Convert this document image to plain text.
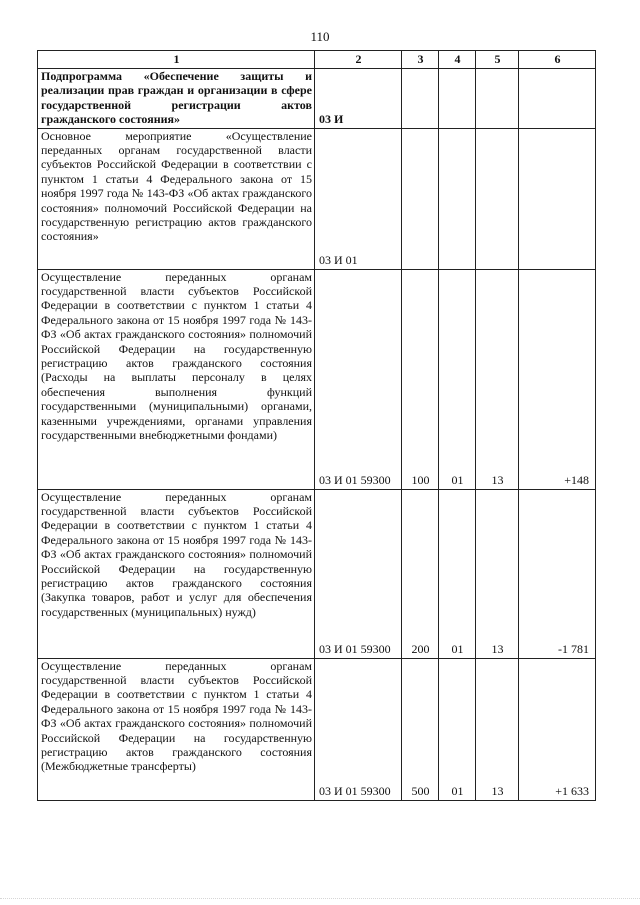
110
1	2	3	4	5	6
Подпрограмма «Обеспечение защиты и реализации прав граждан и организации в сфере государственной регистрации актов гражданского состояния»	03 И				
Основное мероприятие «Осуществление переданных органам государственной власти субъектов Российской Федерации в соответствии с пунктом 1 статьи 4 Федерального закона от 15 ноября 1997 года № 143-ФЗ «Об актах гражданского состояния» полномочий Российской Федерации на государственную регистрацию актов гражданского состояния»	03 И 01				
Осуществление переданных органам государственной власти субъектов Российской Федерации в соответствии с пунктом 1 статьи 4 Федерального закона от 15 ноября 1997 года № 143-ФЗ «Об актах гражданского состояния» полномочий Российской Федерации на государственную регистрацию актов гражданского состояния (Расходы на выплаты персоналу в целях обеспечения выполнения функций государственными (муниципальными) органами, казенными учреждениями, органами управления государственными внебюджетными фондами)	03 И 01 59300	100	01	13	+148
Осуществление переданных органам государственной власти субъектов Российской Федерации в соответствии с пунктом 1 статьи 4 Федерального закона от 15 ноября 1997 года № 143-ФЗ «Об актах гражданского состояния» полномочий Российской Федерации на государственную регистрацию актов гражданского состояния (Закупка товаров, работ и услуг для обеспечения государственных (муниципальных) нужд)	03 И 01 59300	200	01	13	-1 781
Осуществление переданных органам государственной власти субъектов Российской Федерации в соответствии с пунктом 1 статьи 4 Федерального закона от 15 ноября 1997 года № 143-ФЗ «Об актах гражданского состояния» полномочий Российской Федерации на государственную регистрацию актов гражданского состояния (Межбюджетные трансферты)	03 И 01 59300	500	01	13	+1 633
